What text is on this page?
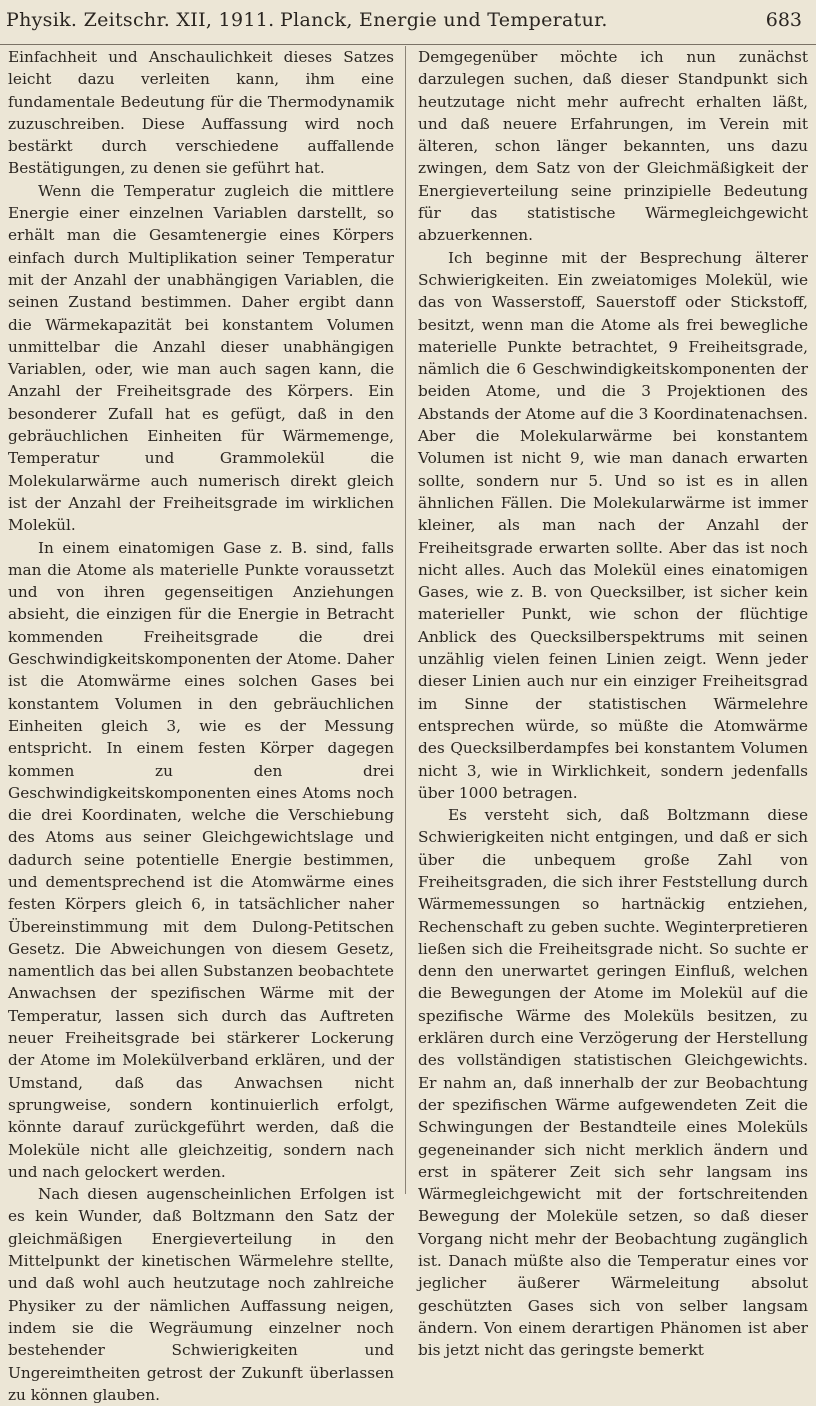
Physik. Zeitschr. XII, 1911. Planck, Energie und Temperatur.	683

Einfachheit und Anschaulichkeit dieses Satzes leicht dazu verleiten kann, ihm eine fundamentale Bedeutung für die Thermodynamik zuzuschreiben. Diese Auffassung wird noch bestärkt durch verschiedene auffallende Bestätigungen, zu denen sie geführt hat.

Wenn die Temperatur zugleich die mittlere Energie einer einzelnen Variablen darstellt, so erhält man die Gesamtenergie eines Körpers einfach durch Multiplikation seiner Temperatur mit der Anzahl der unabhängigen Variablen, die seinen Zustand bestimmen. Daher ergibt dann die Wärmekapazität bei konstantem Volumen unmittelbar die Anzahl dieser unabhängigen Variablen, oder, wie man auch sagen kann, die Anzahl der Freiheitsgrade des Körpers. Ein besonderer Zufall hat es gefügt, daß in den gebräuchlichen Einheiten für Wärmemenge, Temperatur und Grammolekül die Molekularwärme auch numerisch direkt gleich ist der Anzahl der Freiheitsgrade im wirklichen Molekül.

In einem einatomigen Gase z. B. sind, falls man die Atome als materielle Punkte voraussetzt und von ihren gegenseitigen Anziehungen absieht, die einzigen für die Energie in Betracht kommenden Freiheitsgrade die drei Geschwindigkeitskomponenten der Atome. Daher ist die Atomwärme eines solchen Gases bei konstantem Volumen in den gebräuchlichen Einheiten gleich 3, wie es der Messung entspricht. In einem festen Körper dagegen kommen zu den drei Geschwindigkeitskomponenten eines Atoms noch die drei Koordinaten, welche die Verschiebung des Atoms aus seiner Gleichgewichtslage und dadurch seine potentielle Energie bestimmen, und dementsprechend ist die Atomwärme eines festen Körpers gleich 6, in tatsächlicher naher Übereinstimmung mit dem Dulong-Petitschen Gesetz. Die Abweichungen von diesem Gesetz, namentlich das bei allen Substanzen beobachtete Anwachsen der spezifischen Wärme mit der Temperatur, lassen sich durch das Auftreten neuer Freiheitsgrade bei stärkerer Lockerung der Atome im Molekülverband erklären, und der Umstand, daß das Anwachsen nicht sprungweise, sondern kontinuierlich erfolgt, könnte darauf zurückgeführt werden, daß die Moleküle nicht alle gleichzeitig, sondern nach und nach gelockert werden.

Nach diesen augenscheinlichen Erfolgen ist es kein Wunder, daß Boltzmann den Satz der gleichmäßigen Energieverteilung in den Mittelpunkt der kinetischen Wärmelehre stellte, und daß wohl auch heutzutage noch zahlreiche Physiker zu der nämlichen Auffassung neigen, indem sie die Wegräumung einzelner noch bestehender Schwierigkeiten und Ungereimtheiten getrost der Zukunft überlassen zu können glauben.

Demgegenüber möchte ich nun zunächst darzulegen suchen, daß dieser Standpunkt sich heutzutage nicht mehr aufrecht erhalten läßt, und daß neuere Erfahrungen, im Verein mit älteren, schon länger bekannten, uns dazu zwingen, dem Satz von der Gleichmäßigkeit der Energieverteilung seine prinzipielle Bedeutung für das statistische Wärmegleichgewicht abzuerkennen.

Ich beginne mit der Besprechung älterer Schwierigkeiten. Ein zweiatomiges Molekül, wie das von Wasserstoff, Sauerstoff oder Stickstoff, besitzt, wenn man die Atome als frei bewegliche materielle Punkte betrachtet, 9 Freiheitsgrade, nämlich die 6 Geschwindigkeitskomponenten der beiden Atome, und die 3 Projektionen des Abstands der Atome auf die 3 Koordinatenachsen. Aber die Molekularwärme bei konstantem Volumen ist nicht 9, wie man danach erwarten sollte, sondern nur 5. Und so ist es in allen ähnlichen Fällen. Die Molekularwärme ist immer kleiner, als man nach der Anzahl der Freiheitsgrade erwarten sollte. Aber das ist noch nicht alles. Auch das Molekül eines einatomigen Gases, wie z. B. von Quecksilber, ist sicher kein materieller Punkt, wie schon der flüchtige Anblick des Quecksilberspektrums mit seinen unzählig vielen feinen Linien zeigt. Wenn jeder dieser Linien auch nur ein einziger Freiheitsgrad im Sinne der statistischen Wärmelehre entsprechen würde, so müßte die Atomwärme des Quecksilberdampfes bei konstantem Volumen nicht 3, wie in Wirklichkeit, sondern jedenfalls über 1000 betragen.

Es versteht sich, daß Boltzmann diese Schwierigkeiten nicht entgingen, und daß er sich über die unbequem große Zahl von Freiheitsgraden, die sich ihrer Feststellung durch Wärmemessungen so hartnäckig entziehen, Rechenschaft zu geben suchte. Weginterpretieren ließen sich die Freiheitsgrade nicht. So suchte er denn den unerwartet geringen Einfluß, welchen die Bewegungen der Atome im Molekül auf die spezifische Wärme des Moleküls besitzen, zu erklären durch eine Verzögerung der Herstellung des vollständigen statistischen Gleichgewichts. Er nahm an, daß innerhalb der zur Beobachtung der spezifischen Wärme aufgewendeten Zeit die Schwingungen der Bestandteile eines Moleküls gegeneinander sich nicht merklich ändern und erst in späterer Zeit sich sehr langsam ins Wärmegleichgewicht mit der fortschreitenden Bewegung der Moleküle setzen, so daß dieser Vorgang nicht mehr der Beobachtung zugänglich ist. Danach müßte also die Temperatur eines vor jeglicher äußerer Wärmeleitung absolut geschützten Gases sich von selber langsam ändern. Von einem derartigen Phänomen ist aber bis jetzt nicht das geringste bemerkt
